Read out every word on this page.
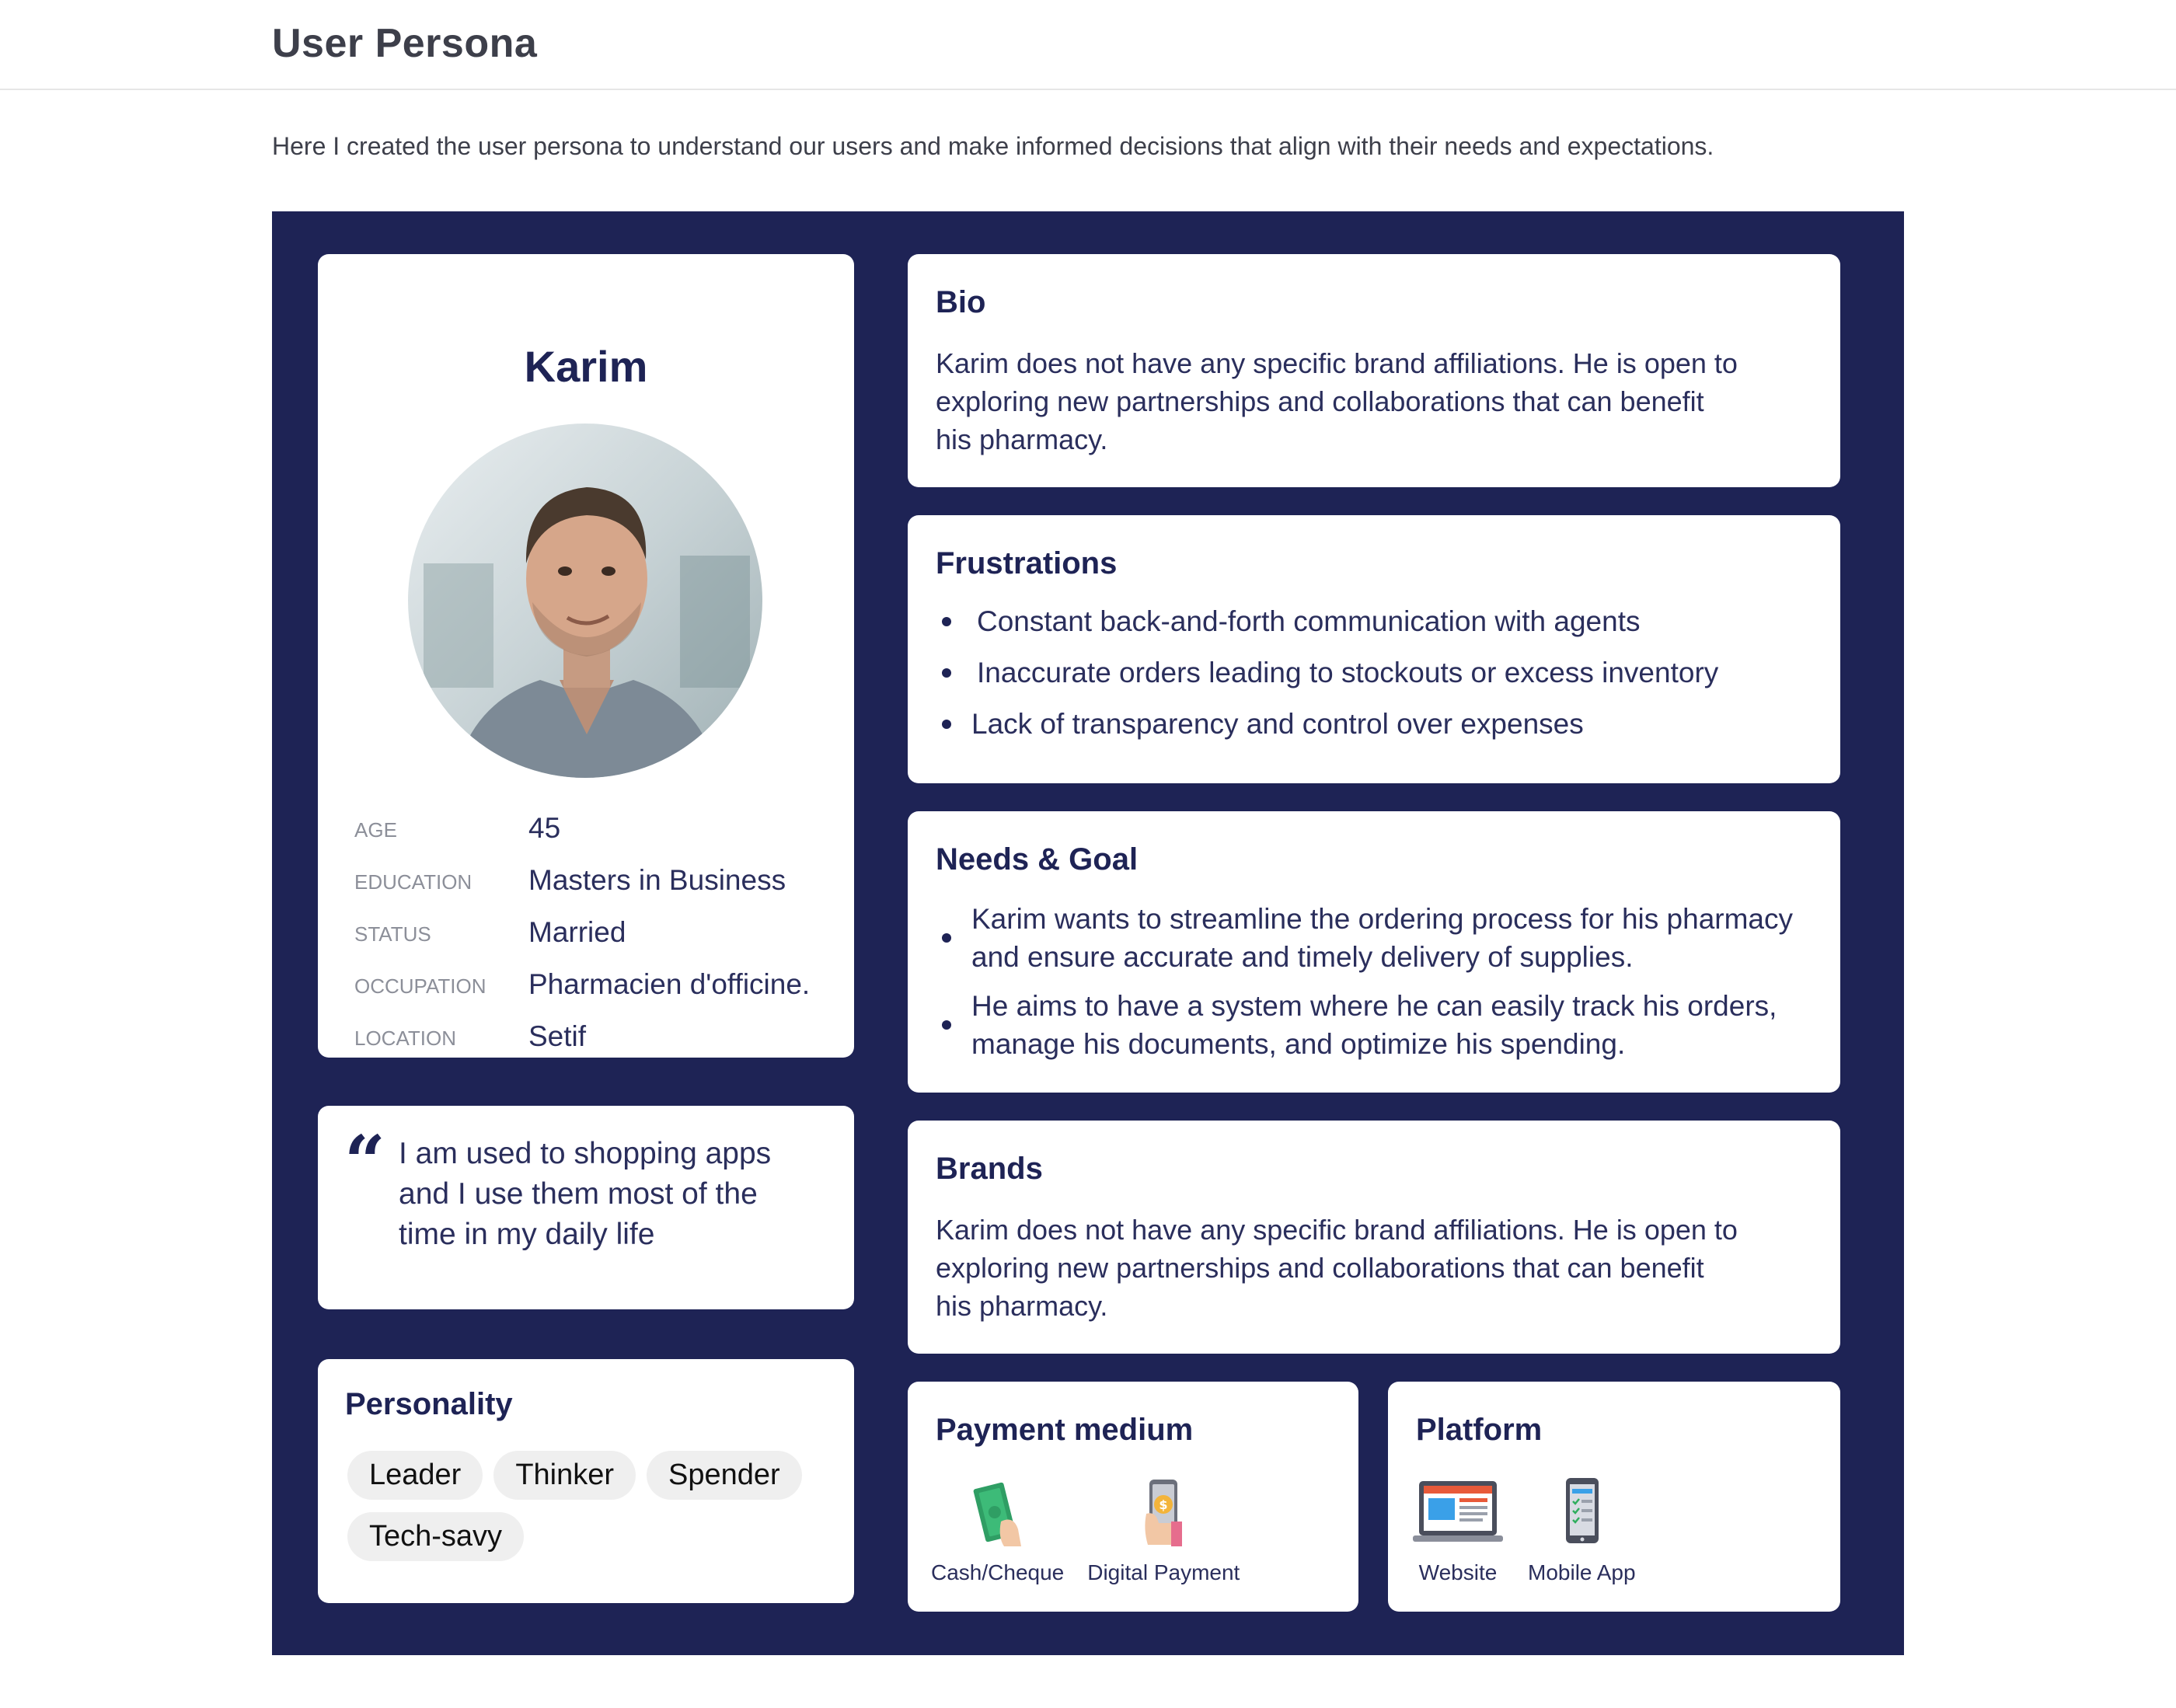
User Persona
Here I created the user persona to understand our users and make informed decisions that align with their needs and expectations.
Karim
AGE	45
EDUCATION Masters in Business
STATUS	Married
OCCUPATION Pharmacien d'officine.
LOCATION	Setif
“ I am used to shopping apps
and I use them most of the
time in my daily life
Personality
Leader	Thinker	Spender
Tech-savy
Bio
Karim does not have any specific brand affiliations. He is open to
exploring new partnerships and collaborations that can benefit
his pharmacy.
Frustrations
Constant back-and-forth communication with agents
Inaccurate orders leading to stockouts or excess inventory
Lack of transparency and control over expenses
Needs & Goal
Karim wants to streamline the ordering process for his pharmacy
and ensure accurate and timely delivery of supplies.
He aims to have a system where he can easily track his orders,
manage his documents, and optimize his spending.
Brands
Karim does not have any specific brand affiliations. He is open to
exploring new partnerships and collaborations that can benefit
his pharmacy.
Payment medium
Cash/Cheque
$
Digital Payment
Platform
Website Mobile App
